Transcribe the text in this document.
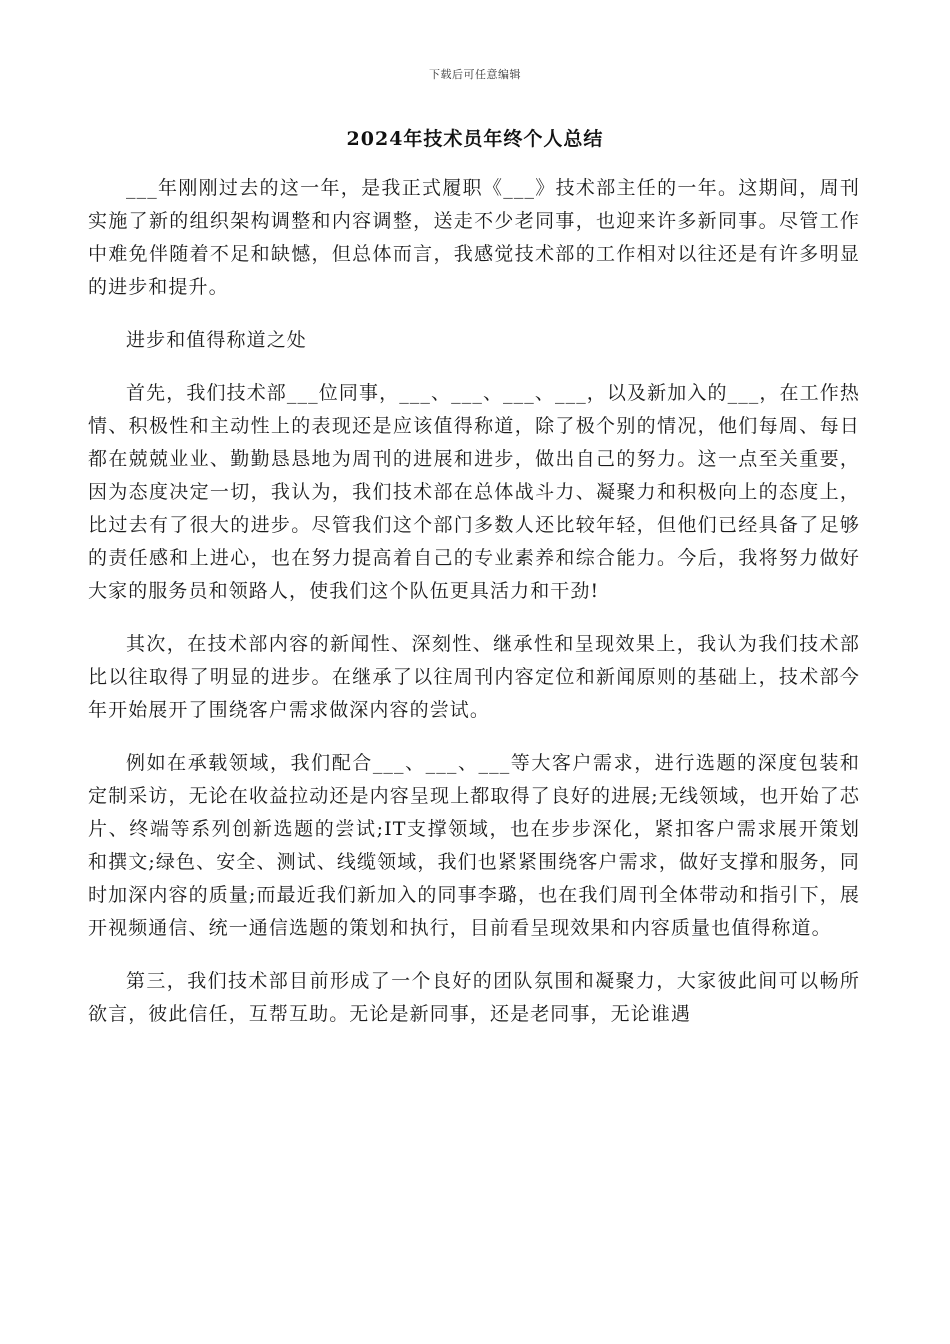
下载后可任意编辑
2024年技术员年终个人总结

___年刚刚过去的这一年，是我正式履职《___》技术部主任的一年。这期间，周刊实施了新的组织架构调整和内容调整，送走不少老同事，也迎来许多新同事。尽管工作中难免伴随着不足和缺憾，但总体而言，我感觉技术部的工作相对以往还是有许多明显的进步和提升。

进步和值得称道之处

首先，我们技术部___位同事，___、___、___、___，以及新加入的___，在工作热情、积极性和主动性上的表现还是应该值得称道，除了极个别的情况，他们每周、每日都在兢兢业业、勤勤恳恳地为周刊的进展和进步，做出自己的努力。这一点至关重要，因为态度决定一切，我认为，我们技术部在总体战斗力、凝聚力和积极向上的态度上，比过去有了很大的进步。尽管我们这个部门多数人还比较年轻，但他们已经具备了足够的责任感和上进心，也在努力提高着自己的专业素养和综合能力。今后，我将努力做好大家的服务员和领路人，使我们这个队伍更具活力和干劲!

其次，在技术部内容的新闻性、深刻性、继承性和呈现效果上，我认为我们技术部比以往取得了明显的进步。在继承了以往周刊内容定位和新闻原则的基础上，技术部今年开始展开了围绕客户需求做深内容的尝试。

例如在承载领域，我们配合___、___、___等大客户需求，进行选题的深度包装和定制采访，无论在收益拉动还是内容呈现上都取得了良好的进展;无线领域，也开始了芯片、终端等系列创新选题的尝试;IT支撑领域，也在步步深化，紧扣客户需求展开策划和撰文;绿色、安全、测试、线缆领域，我们也紧紧围绕客户需求，做好支撑和服务，同时加深内容的质量;而最近我们新加入的同事李璐，也在我们周刊全体带动和指引下，展开视频通信、统一通信选题的策划和执行，目前看呈现效果和内容质量也值得称道。

第三，我们技术部目前形成了一个良好的团队氛围和凝聚力，大家彼此间可以畅所欲言，彼此信任，互帮互助。无论是新同事，还是老同事，无论谁遇
